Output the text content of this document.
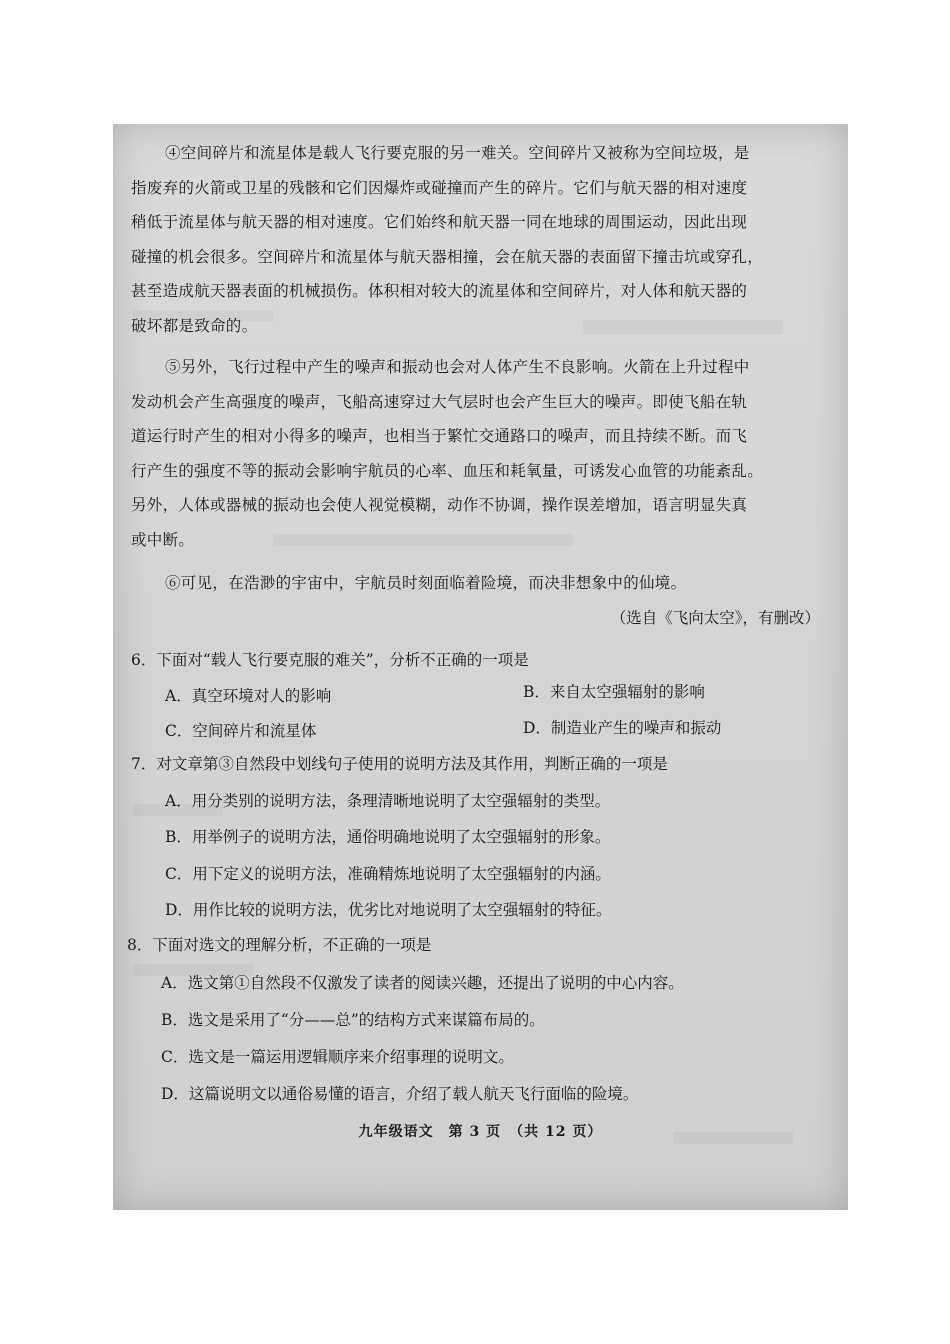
④空间碎片和流星体是载人飞行要克服的另一难关。空间碎片又被称为空间垃圾，是
指废弃的火箭或卫星的残骸和它们因爆炸或碰撞而产生的碎片。它们与航天器的相对速度
稍低于流星体与航天器的相对速度。它们始终和航天器一同在地球的周围运动，因此出现
碰撞的机会很多。空间碎片和流星体与航天器相撞，会在航天器的表面留下撞击坑或穿孔，
甚至造成航天器表面的机械损伤。体积相对较大的流星体和空间碎片，对人体和航天器的
破坏都是致命的。
⑤另外，飞行过程中产生的噪声和振动也会对人体产生不良影响。火箭在上升过程中
发动机会产生高强度的噪声，飞船高速穿过大气层时也会产生巨大的噪声。即使飞船在轨
道运行时产生的相对小得多的噪声，也相当于繁忙交通路口的噪声，而且持续不断。而飞
行产生的强度不等的振动会影响宇航员的心率、血压和耗氧量，可诱发心血管的功能紊乱。
另外，人体或器械的振动也会使人视觉模糊，动作不协调，操作误差增加，语言明显失真
或中断。
⑥可见，在浩渺的宇宙中，宇航员时刻面临着险境，而决非想象中的仙境。
（选自《飞向太空》，有删改）
6．下面对“载人飞行要克服的难关”，分析不正确的一项是
A．真空环境对人的影响	B．来自太空强辐射的影响
C．空间碎片和流星体	D．制造业产生的噪声和振动
7．对文章第③自然段中划线句子使用的说明方法及其作用，判断正确的一项是
A．用分类别的说明方法，条理清晰地说明了太空强辐射的类型。
B．用举例子的说明方法，通俗明确地说明了太空强辐射的形象。
C．用下定义的说明方法，准确精炼地说明了太空强辐射的内涵。
D．用作比较的说明方法，优劣比对地说明了太空强辐射的特征。
8．下面对选文的理解分析，不正确的一项是
A．选文第①自然段不仅激发了读者的阅读兴趣，还提出了说明的中心内容。
B．选文是采用了“分——总”的结构方式来谋篇布局的。
C．选文是一篇运用逻辑顺序来介绍事理的说明文。
D．这篇说明文以通俗易懂的语言，介绍了载人航天飞行面临的险境。
九年级语文　第 3 页　（共 12 页）
